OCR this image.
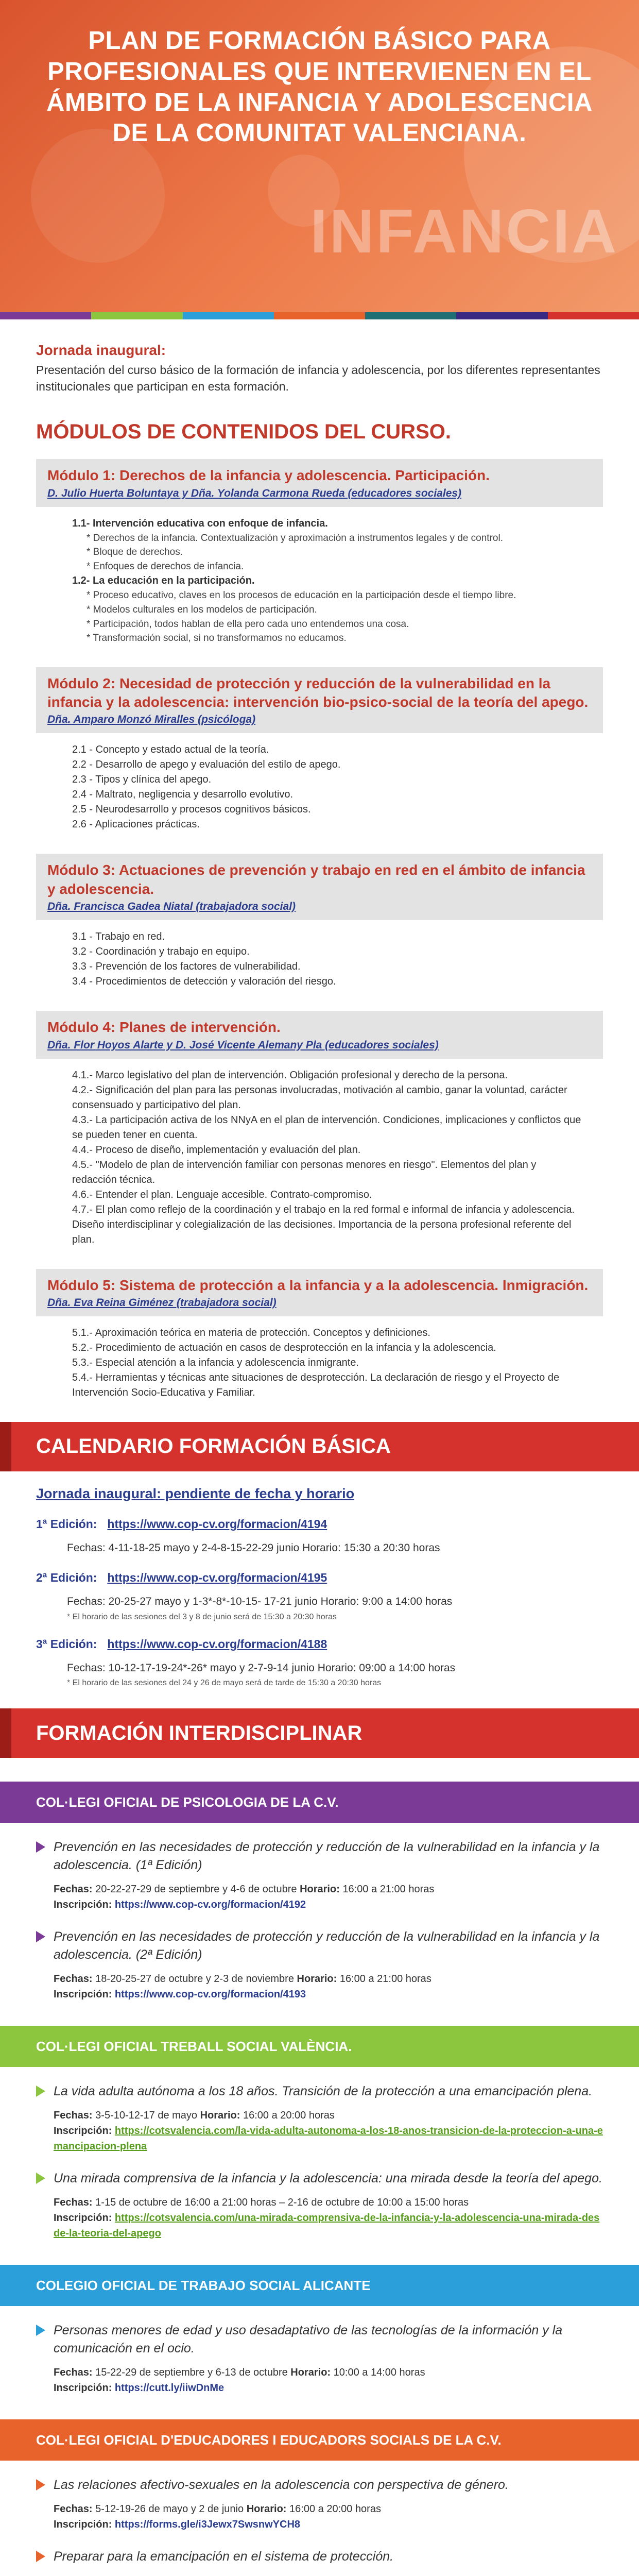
PLAN DE FORMACIÓN BÁSICO PARA PROFESIONALES QUE INTERVIENEN EN EL ÁMBITO DE LA INFANCIA Y ADOLESCENCIA DE LA COMUNITAT VALENCIANA.
INFANCIA
Jornada inaugural:
Presentación del curso básico de la formación de infancia y adolescencia, por los diferentes representantes institucionales que participan en esta formación.
MÓDULOS DE CONTENIDOS DEL CURSO.
Módulo 1: Derechos de la infancia y adolescencia. Participación.
D. Julio Huerta Boluntaya y Dña. Yolanda Carmona Rueda (educadores sociales)
1.1- Intervención educativa con enfoque de infancia.
* Derechos de la infancia. Contextualización y aproximación a instrumentos legales y de control.
* Bloque de derechos.
* Enfoques de derechos de infancia.
1.2- La educación en la participación.
* Proceso educativo, claves en los procesos de educación en la participación desde el tiempo libre.
* Modelos culturales en los modelos de participación.
* Participación, todos hablan de ella pero cada uno entendemos una cosa.
* Transformación social, si no transformamos no educamos.
Módulo 2: Necesidad de protección y reducción de la vulnerabilidad en la infancia y la adolescencia: intervención bio-psico-social de la teoría del apego.
Dña. Amparo Monzó Miralles (psicóloga)
2.1 - Concepto y estado actual de la teoría.
2.2 - Desarrollo de apego y evaluación del estilo de apego.
2.3 - Tipos y clínica del apego.
2.4 - Maltrato, negligencia y desarrollo evolutivo.
2.5 - Neurodesarrollo y procesos cognitivos básicos.
2.6 - Aplicaciones prácticas.
Módulo 3: Actuaciones de prevención y trabajo en red en el ámbito de infancia y adolescencia.
Dña. Francisca Gadea Niatal (trabajadora social)
3.1 - Trabajo en red.
3.2 - Coordinación y trabajo en equipo.
3.3 - Prevención de los factores de vulnerabilidad.
3.4 - Procedimientos de detección y valoración del riesgo.
Módulo 4: Planes de intervención.
Dña. Flor Hoyos Alarte y D. José Vicente Alemany Pla (educadores sociales)
4.1.- Marco legislativo del plan de intervención. Obligación profesional y derecho de la persona.
4.2.- Significación del plan para las personas involucradas, motivación al cambio, ganar la voluntad, carácter consensuado y participativo del plan.
4.3.- La participación activa de los NNyA en el plan de intervención. Condiciones, implicaciones y conflictos que se pueden tener en cuenta.
4.4.- Proceso de diseño, implementación y evaluación del plan.
4.5.- "Modelo de plan de intervención familiar con personas menores en riesgo". Elementos del plan y redacción técnica.
4.6.- Entender el plan. Lenguaje accesible. Contrato-compromiso.
4.7.- El plan como reflejo de la coordinación y el trabajo en la red formal e informal de infancia y adolescencia. Diseño interdisciplinar y colegialización de las decisiones. Importancia de la persona profesional referente del plan.
Módulo 5: Sistema de protección a la infancia y a la adolescencia. Inmigración.
Dña. Eva Reina Giménez (trabajadora social)
5.1.- Aproximación teórica en materia de protección. Conceptos y definiciones.
5.2.- Procedimiento de actuación en casos de desprotección en la infancia y la adolescencia.
5.3.- Especial atención a la infancia y adolescencia inmigrante.
5.4.- Herramientas y técnicas ante situaciones de desprotección. La declaración de riesgo y el Proyecto de Intervención Socio-Educativa y Familiar.
CALENDARIO FORMACIÓN BÁSICA
Jornada inaugural: pendiente de fecha y horario
1ª Edición: https://www.cop-cv.org/formacion/4194
Fechas: 4-11-18-25 mayo y 2-4-8-15-22-29 junio Horario: 15:30 a 20:30 horas
2ª Edición: https://www.cop-cv.org/formacion/4195
Fechas: 20-25-27 mayo y 1-3*-8*-10-15- 17-21 junio Horario: 9:00 a 14:00 horas
* El horario de las sesiones del 3 y 8 de junio será de 15:30 a 20:30 horas
3ª Edición: https://www.cop-cv.org/formacion/4188
Fechas: 10-12-17-19-24*-26* mayo y 2-7-9-14 junio Horario: 09:00 a 14:00 horas
* El horario de las sesiones del 24 y 26 de mayo será de tarde de 15:30 a 20:30 horas
FORMACIÓN INTERDISCIPLINAR
COL·LEGI OFICIAL DE PSICOLOGIA DE LA C.V.
Prevención en las necesidades de protección y reducción de la vulnerabilidad en la infancia y la adolescencia. (1ª Edición)
Fechas: 20-22-27-29 de septiembre y 4-6 de octubre Horario: 16:00 a 21:00 horas
Inscripción: https://www.cop-cv.org/formacion/4192
Prevención en las necesidades de protección y reducción de la vulnerabilidad en la infancia y la adolescencia. (2ª Edición)
Fechas: 18-20-25-27 de octubre y 2-3 de noviembre Horario: 16:00 a 21:00 horas
Inscripción: https://www.cop-cv.org/formacion/4193
COL·LEGI OFICIAL TREBALL SOCIAL VALÈNCIA.
La vida adulta autónoma a los 18 años. Transición de la protección a una emancipación plena.
Fechas: 3-5-10-12-17 de mayo Horario: 16:00 a 20:00 horas
Inscripción: https://cotsvalencia.com/la-vida-adulta-autonoma-a-los-18-anos-transicion-de-la-proteccion-a-una-emancipacion-plena
Una mirada comprensiva de la infancia y la adolescencia: una mirada desde la teoría del apego.
Fechas: 1-15 de octubre de 16:00 a 21:00 horas – 2-16 de octubre de 10:00 a 15:00 horas
Inscripción: https://cotsvalencia.com/una-mirada-comprensiva-de-la-infancia-y-la-adolescencia-una-mirada-desde-la-teoria-del-apego
COLEGIO OFICIAL DE TRABAJO SOCIAL ALICANTE
Personas menores de edad y uso desadaptativo de las tecnologías de la información y la comunicación en el ocio.
Fechas: 15-22-29 de septiembre y 6-13 de octubre Horario: 10:00 a 14:00 horas
Inscripción: https://cutt.ly/iiwDnMe
COL·LEGI OFICIAL D'EDUCADORES I EDUCADORS SOCIALS DE LA C.V.
Las relaciones afectivo-sexuales en la adolescencia con perspectiva de género.
Fechas: 5-12-19-26 de mayo y 2 de junio Horario: 16:00 a 20:00 horas
Inscripción: https://forms.gle/i3Jewx7SwsnwYCH8
Preparar para la emancipación en el sistema de protección.
